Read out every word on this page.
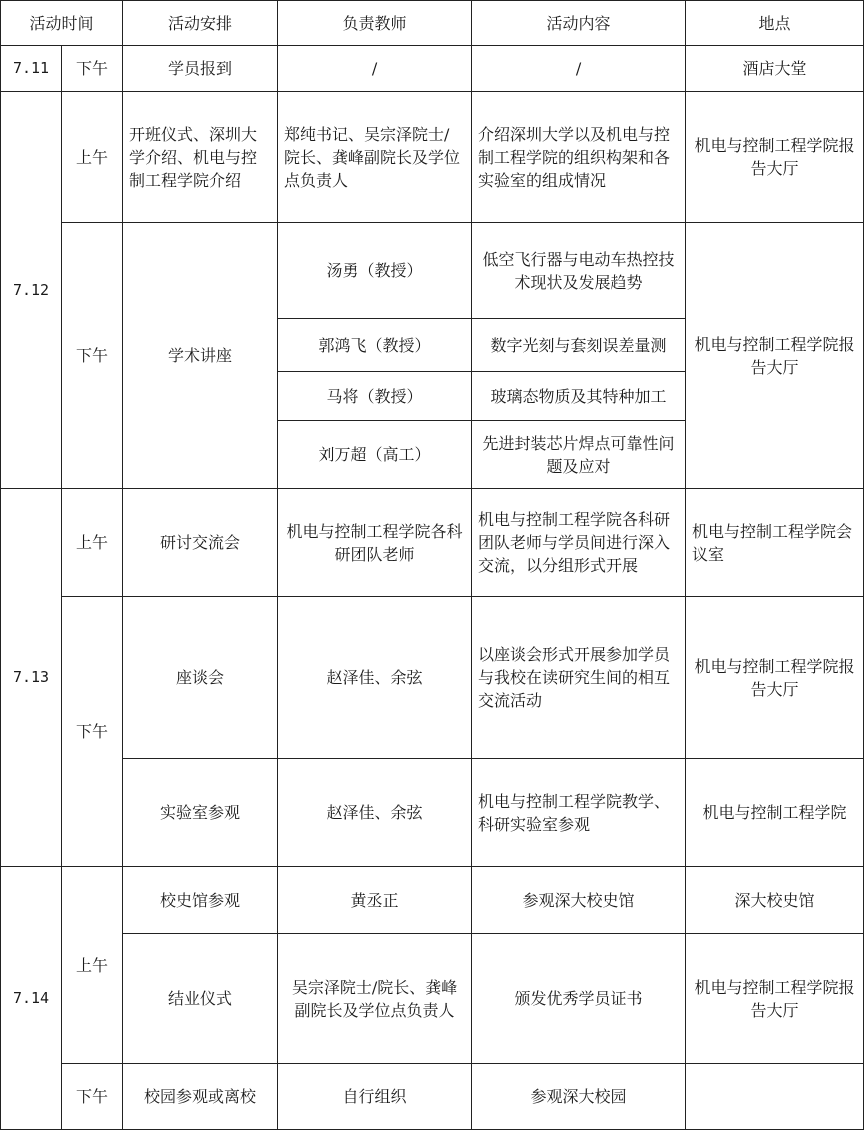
活动时间		活动安排	负责教师	活动内容	地点
7.11	下午	学员报到	/	/	酒店大堂
7.12	上午	开班仪式、深圳大学介绍、机电与控制工程学院介绍	郑纯书记、吴宗泽院士/院长、龚峰副院长及学位点负责人	介绍深圳大学以及机电与控制工程学院的组织构架和各实验室的组成情况	机电与控制工程学院报告大厅
	下午	学术讲座	汤勇（教授）	低空飞行器与电动车热控技术现状及发展趋势	机电与控制工程学院报告大厅
			郭鸿飞（教授）	数字光刻与套刻误差量测	
			马将（教授）	玻璃态物质及其特种加工	
			刘万超（高工）	先进封装芯片焊点可靠性问题及应对	
7.13	上午	研讨交流会	机电与控制工程学院各科研团队老师	机电与控制工程学院各科研团队老师与学员间进行深入交流，以分组形式开展	机电与控制工程学院会议室
	下午	座谈会	赵泽佳、余弦	以座谈会形式开展参加学员与我校在读研究生间的相互交流活动	机电与控制工程学院报告大厅
		实验室参观	赵泽佳、余弦	机电与控制工程学院教学、科研实验室参观	机电与控制工程学院
7.14	上午	校史馆参观	黄丞正	参观深大校史馆	深大校史馆
		结业仪式	吴宗泽院士/院长、龚峰副院长及学位点负责人	颁发优秀学员证书	机电与控制工程学院报告大厅
	下午	校园参观或离校	自行组织	参观深大校园	
